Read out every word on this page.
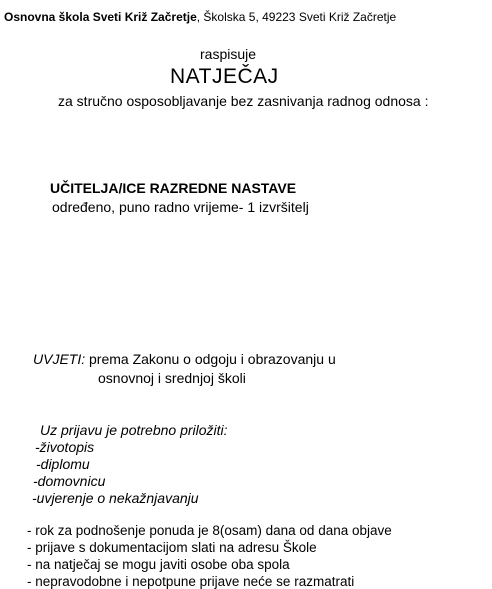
Osnovna škola Sveti Križ Začretje, Školska 5, 49223 Sveti Križ Začretje
raspisuje
NATJEČAJ
za stručno osposobljavanje bez zasnivanja radnog odnosa :
UČITELJA/ICE RAZREDNE NASTAVE
određeno, puno radno vrijeme- 1 izvršitelj
UVJETI: prema Zakonu o odgoju i obrazovanju u
osnovnoj i srednjoj školi
Uz prijavu je potrebno priložiti:
-životopis
-diplomu
-domovnicu
-uvjerenje o nekažnjavanju
- rok za podnošenje ponuda je 8(osam) dana od dana objave
- prijave s dokumentacijom slati na adresu Škole
- na natječaj se mogu javiti osobe oba spola
- nepravodobne i nepotpune prijave neće se razmatrati
